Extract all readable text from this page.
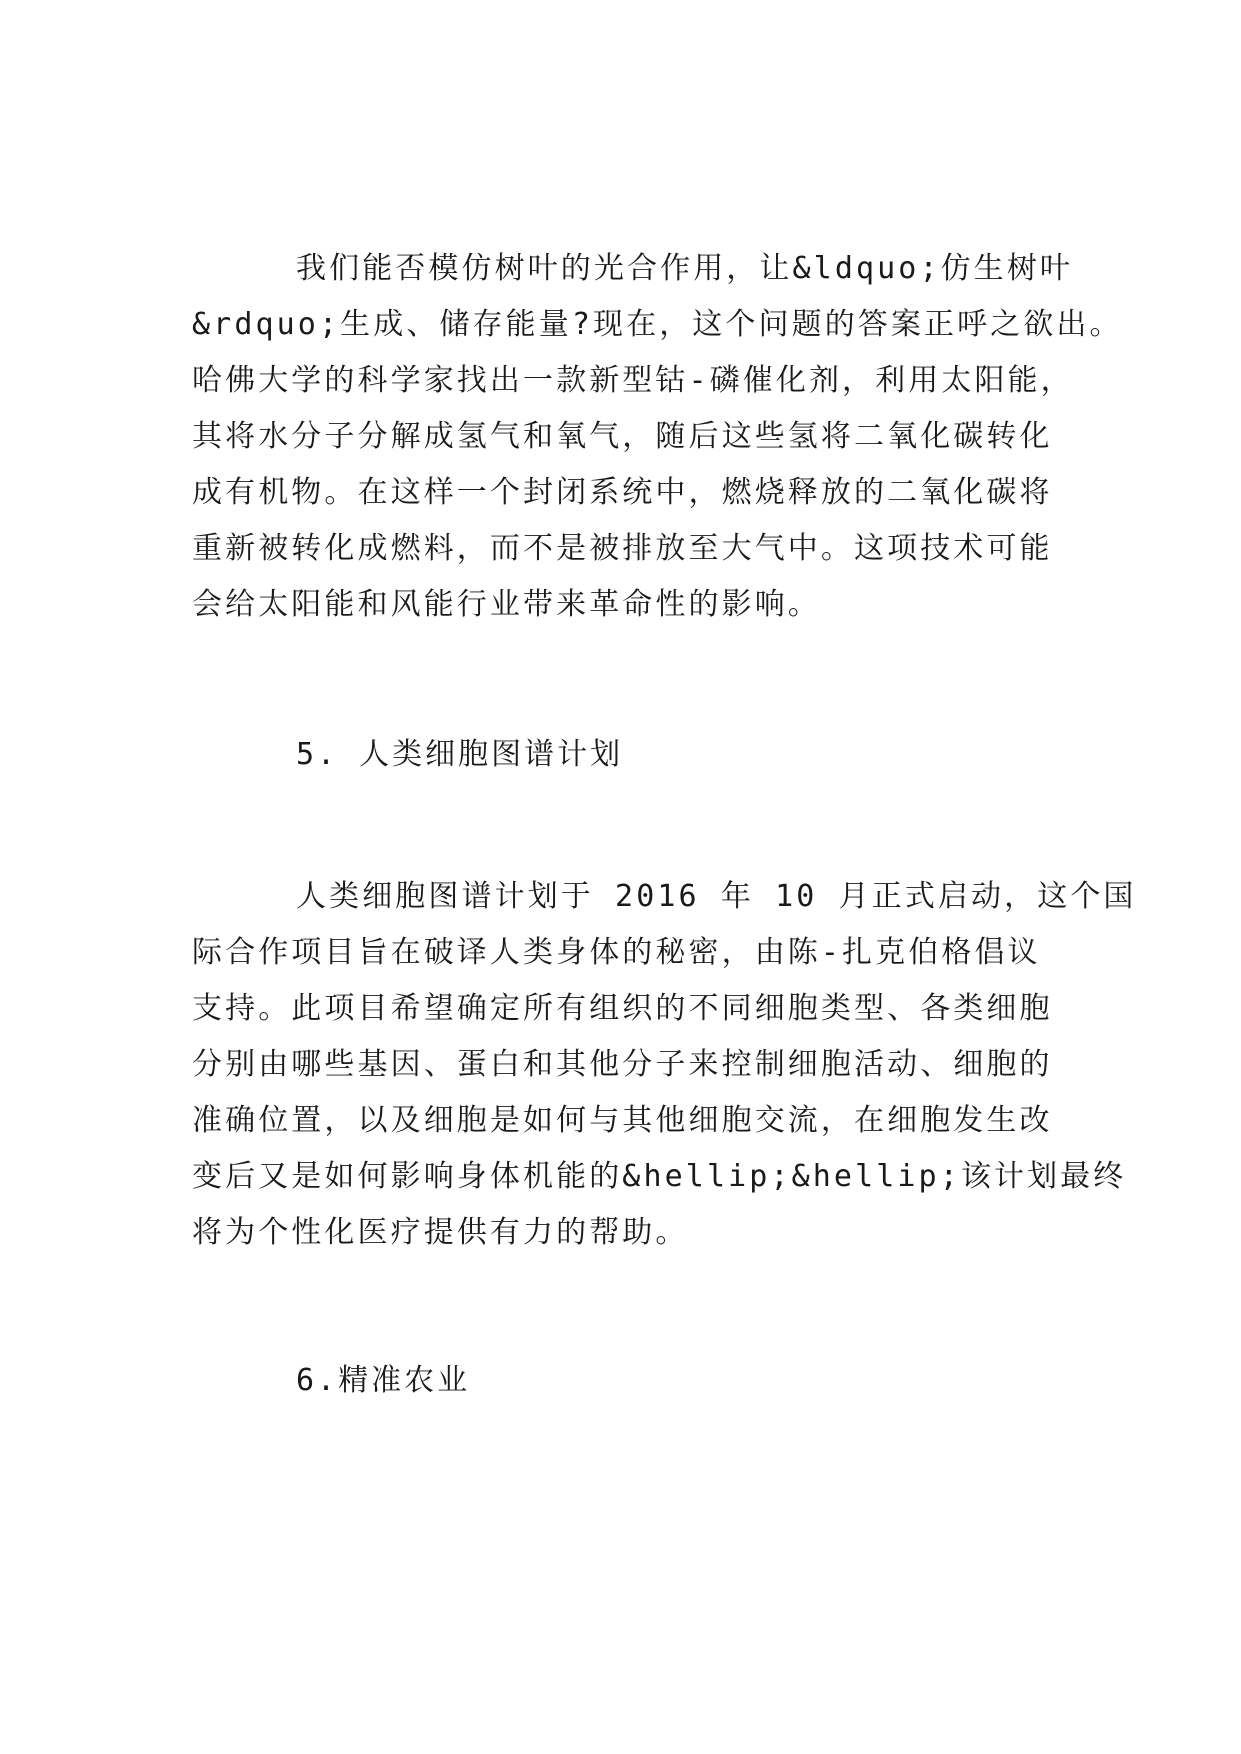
我们能否模仿树叶的光合作用，让&ldquo;仿生树叶
&rdquo;生成、储存能量?现在，这个问题的答案正呼之欲出。
哈佛大学的科学家找出一款新型钴-磷催化剂，利用太阳能，
其将水分子分解成氢气和氧气，随后这些氢将二氧化碳转化
成有机物。在这样一个封闭系统中，燃烧释放的二氧化碳将
重新被转化成燃料，而不是被排放至大气中。这项技术可能
会给太阳能和风能行业带来革命性的影响。
5. 人类细胞图谱计划
人类细胞图谱计划于 2016 年 10 月正式启动，这个国
际合作项目旨在破译人类身体的秘密，由陈-扎克伯格倡议
支持。此项目希望确定所有组织的不同细胞类型、各类细胞
分别由哪些基因、蛋白和其他分子来控制细胞活动、细胞的
准确位置，以及细胞是如何与其他细胞交流，在细胞发生改
变后又是如何影响身体机能的&hellip;&hellip;该计划最终
将为个性化医疗提供有力的帮助。
6.精准农业
